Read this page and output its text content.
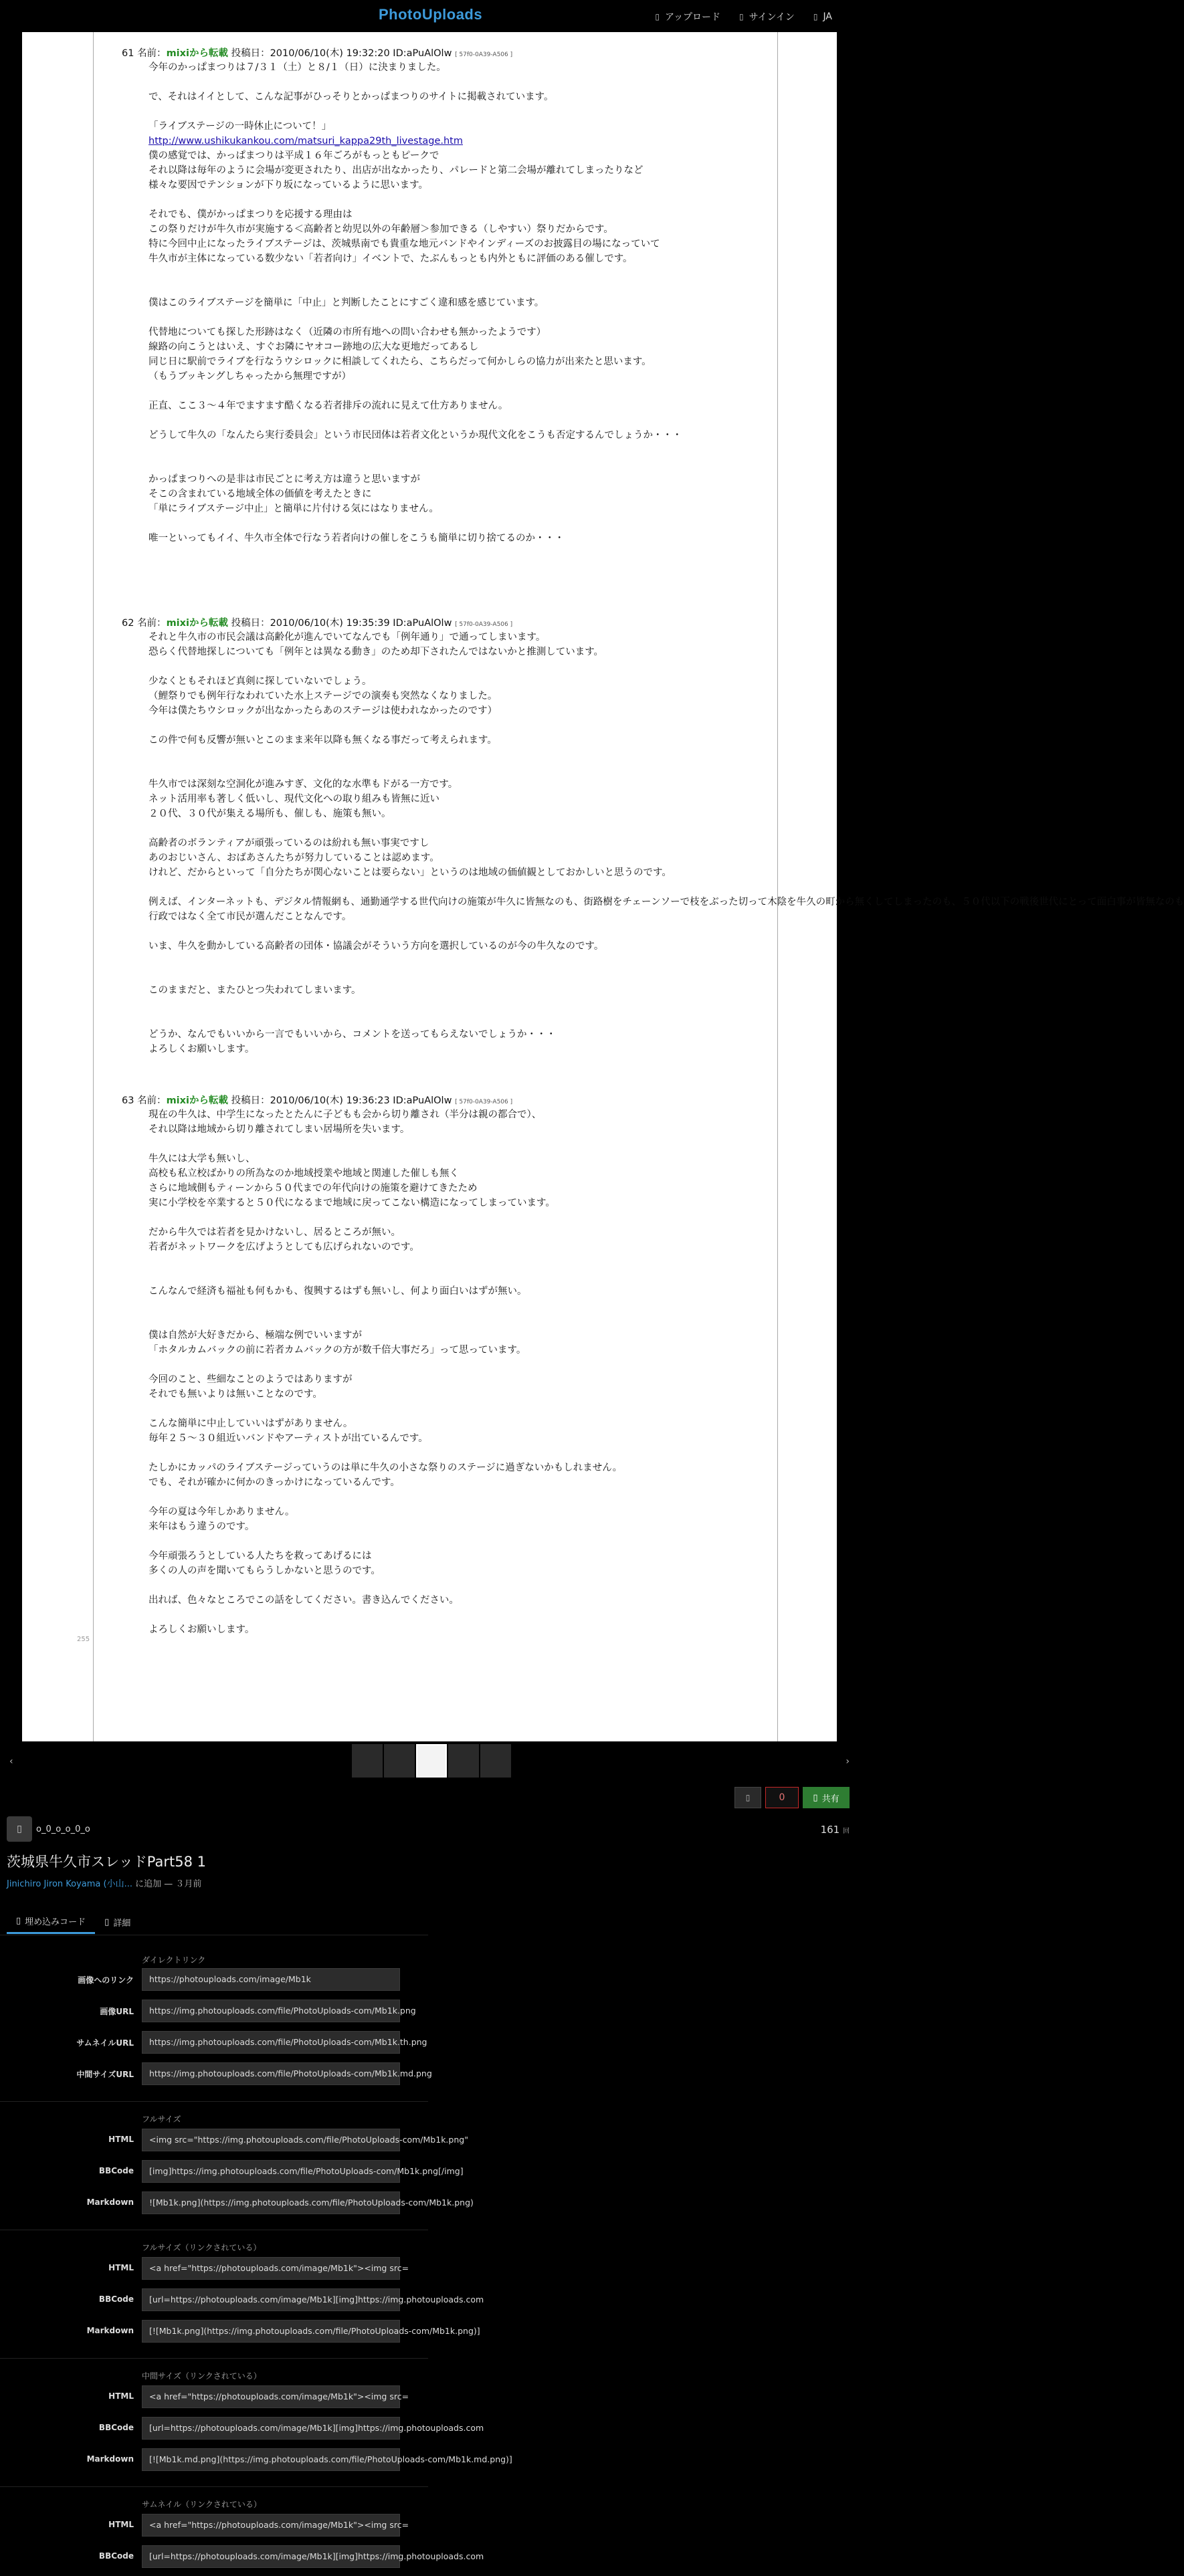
PhotoUploads	▯ アップロード ▯ サインイン ▯ JA
61 名前：mixiから転載 投稿日：2010/06/10(木) 19:32:20 ID:aPuAlOlw [ 57f0-0A39-A506 ]
今年のかっぱまつりは７/３１（土）と８/１（日）に決まりました。

で、それはイイとして、こんな記事がひっそりとかっぱまつりのサイトに掲載されています。

「ライブステージの一時休止について！」
http://www.ushikukankou.com/matsuri_kappa29th_livestage.htm
僕の感覚では、かっぱまつりは平成１６年ごろがもっともピークで
それ以降は毎年のように会場が変更されたり、出店が出なかったり、パレードと第二会場が離れてしまったりなど
様々な要因でテンションが下り坂になっているように思います。

それでも、僕がかっぱまつりを応援する理由は
この祭りだけが牛久市が実施する＜高齢者と幼児以外の年齢層＞参加できる（しやすい）祭りだからです。
特に今回中止になったライブステージは、茨城県南でも貴重な地元バンドやインディーズのお披露目の場になっていて
牛久市が主体になっている数少ない「若者向け」イベントで、たぶんもっとも内外ともに評価のある催しです。

僕はこのライブステージを簡単に「中止」と判断したことにすごく違和感を感じています。

代替地についても探した形跡はなく（近隣の市所有地への問い合わせも無かったようです）
線路の向こうとはいえ、すぐお隣にヤオコー跡地の広大な更地だってあるし
同じ日に駅前でライブを行なうウシロックに相談してくれたら、こちらだって何かしらの協力が出来たと思います。
（もうブッキングしちゃったから無理ですが）

正直、ここ３〜４年でますます酷くなる若者排斥の流れに見えて仕方ありません。

どうして牛久の「なんたら実行委員会」という市民団体は若者文化というか現代文化をこうも否定するんでしょうか・・・

かっぱまつりへの是非は市民ごとに考え方は違うと思いますが
そこの含まれている地域全体の価値を考えたときに
「単にライブステージ中止」と簡単に片付ける気にはなりません。

唯一といってもイイ、牛久市全体で行なう若者向けの催しをこうも簡単に切り捨てるのか・・・
62 名前：mixiから転載 投稿日：2010/06/10(木) 19:35:39 ID:aPuAlOlw [ 57f0-0A39-A506 ]
それと牛久市の市民会議は高齢化が進んでいてなんでも「例年通り」で通ってしまいます。
恐らく代替地探しについても「例年とは異なる動き」のため却下されたんではないかと推測しています。

少なくともそれほど真剣に探していないでしょう。
（鯉祭りでも例年行なわれていた水上ステージでの演奏も突然なくなりました。
今年は僕たちウシロックが出なかったらあのステージは使われなかったのです）

この件で何も反響が無いとこのまま来年以降も無くなる事だって考えられます。

牛久市では深刻な空洞化が進みすぎ、文化的な水準もドがる一方です。
ネット活用率も著しく低いし、現代文化への取り組みも皆無に近い
２０代、３０代が集える場所も、催しも、施策も無い。

高齢者のボランティアが頑張っているのは紛れも無い事実ですし
あのおじいさん、おばあさんたちが努力していることは認めます。
けれど、だからといって「自分たちが関心ないことは要らない」というのは地域の価値観としておかしいと思うのです。

例えば、インターネットも、デジタル情報網も、通勤通学する世代向けの施策が牛久に皆無なのも、街路樹をチェーンソーで枝をぶった切って木陰を牛久の町から無くしてしまったのも、５０代以下の戦後世代にとって面白事が皆無なのも
行政ではなく全て市民が選んだことなんです。

いま、牛久を動かしている高齢者の団体・協議会がそういう方向を選択しているのが今の牛久なのです。

このままだと、またひとつ失われてしまいます。

どうか、なんでもいいから一言でもいいから、コメントを送ってもらえないでしょうか・・・
よろしくお願いします。
63 名前：mixiから転載 投稿日：2010/06/10(木) 19:36:23 ID:aPuAlOlw [ 57f0-0A39-A506 ]
現在の牛久は、中学生になったとたんに子どもも会から切り離され（半分は親の都合で）、
それ以降は地域から切り離されてしまい居場所を失います。

牛久には大学も無いし、
高校も私立校ばかりの所為なのか地域授業や地域と関連した催しも無く
さらに地域側もティーンから５０代までの年代向けの施策を避けてきたため
実に小学校を卒業すると５０代になるまで地域に戻ってこない構造になってしまっています。

だから牛久では若者を見かけないし、居るところが無い。
若者がネットワークを広げようとしても広げられないのです。

こんなんで経済も福祉も何もかも、復興するはずも無いし、何より面白いはずが無い。

僕は自然が大好きだから、極端な例でいいますが
「ホタルカムバックの前に若者カムバックの方が数千倍大事だろ」って思っています。

今回のこと、些細なことのようではありますが
それでも無いよりは無いことなのです。

こんな簡単に中止していいはずがありません。
毎年２５〜３０組近いバンドやアーティストが出ているんです。

たしかにカッパのライブステージっていうのは単に牛久の小さな祭りのステージに過ぎないかもしれません。
でも、それが確かに何かのきっかけになっているんです。

今年の夏は今年しかありません。
来年はもう違うのです。

今年頑張ろうとしている人たちを救ってあげるには
多くの人の声を聞いてもらうしかないと思うのです。

出れば、色々なところでこの話をしてください。書き込んでください。

よろしくお願いします。
255
‹	›
▯	0	▯ 共有
▯ o_0_o_o_0_o	161 回
茨城県牛久市スレッドPart58 1
Jinichiro Jiron Koyama (小山... に追加 — ３月前
▯ 埋め込みコード ▯ 詳細
ダイレクトリンク
画像へのリンク	https://photouploads.com/image/Mb1k
画像URL	https://img.photouploads.com/file/PhotoUploads-com/Mb1k.png
サムネイルURL	https://img.photouploads.com/file/PhotoUploads-com/Mb1k.th.png
中間サイズURL	https://img.photouploads.com/file/PhotoUploads-com/Mb1k.md.png
フルサイズ
HTML	<img src="https://img.photouploads.com/file/PhotoUploads-com/Mb1k.png"
BBCode	[img]https://img.photouploads.com/file/PhotoUploads-com/Mb1k.png[/img]
Markdown	![Mb1k.png](https://img.photouploads.com/file/PhotoUploads-com/Mb1k.png)
フルサイズ（リンクされている）
HTML	<a href="https://photouploads.com/image/Mb1k"><img src=
BBCode	[url=https://photouploads.com/image/Mb1k][img]https://img.photouploads.com
Markdown	[![Mb1k.png](https://img.photouploads.com/file/PhotoUploads-com/Mb1k.png)]
中間サイズ（リンクされている）
HTML	<a href="https://photouploads.com/image/Mb1k"><img src=
BBCode	[url=https://photouploads.com/image/Mb1k][img]https://img.photouploads.com
Markdown	[![Mb1k.md.png](https://img.photouploads.com/file/PhotoUploads-com/Mb1k.md.png)]
サムネイル（リンクされている）
HTML	<a href="https://photouploads.com/image/Mb1k"><img src=
BBCode	[url=https://photouploads.com/image/Mb1k][img]https://img.photouploads.com
